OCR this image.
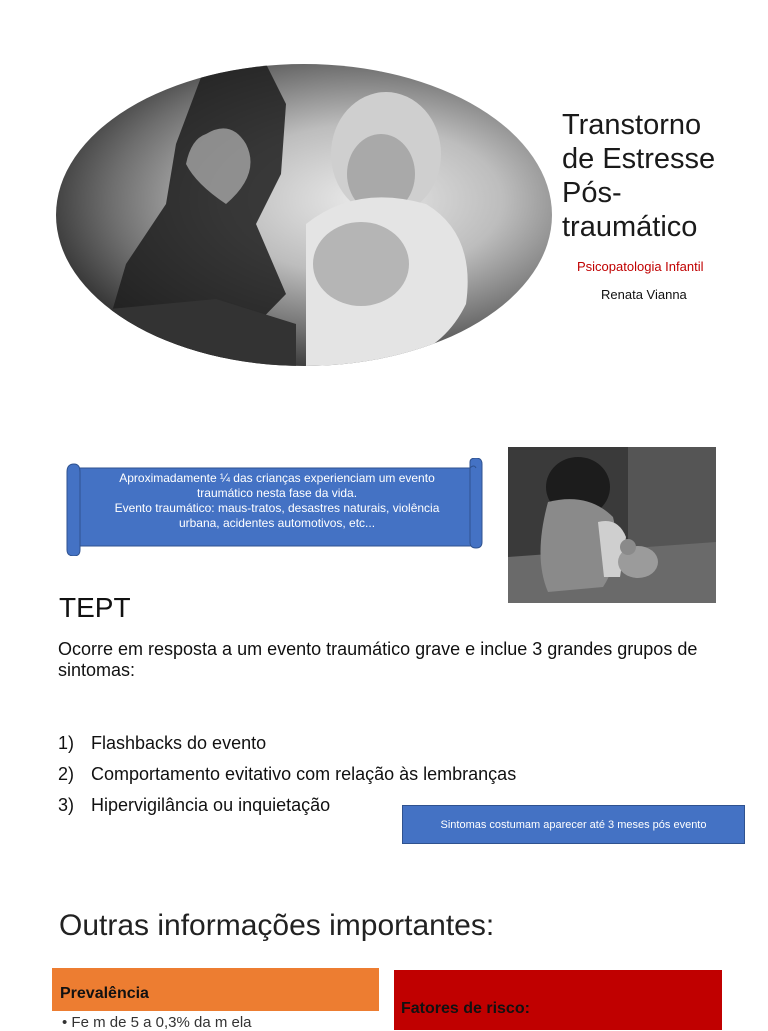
Transtorno
de Estresse
Pós-
traumático
Psicopatologia Infantil
Renata Vianna
Aproximadamente ¼ das crianças experienciam um evento
traumático nesta fase da vida.
Evento traumático: maus-tratos, desastres naturais, violência
urbana, acidentes automotivos, etc...
TEPT
Ocorre em resposta a um evento traumático grave e inclue 3 grandes grupos de sintomas:
1) Flashbacks do evento
2) Comportamento evitativo com relação às lembranças
3) Hipervigilância ou inquietação
Sintomas costumam aparecer até 3 meses pós evento
Outras informações importantes:
Prevalência
• Fe m de 5 a 0,3% da m ela
Fatores de risco:
